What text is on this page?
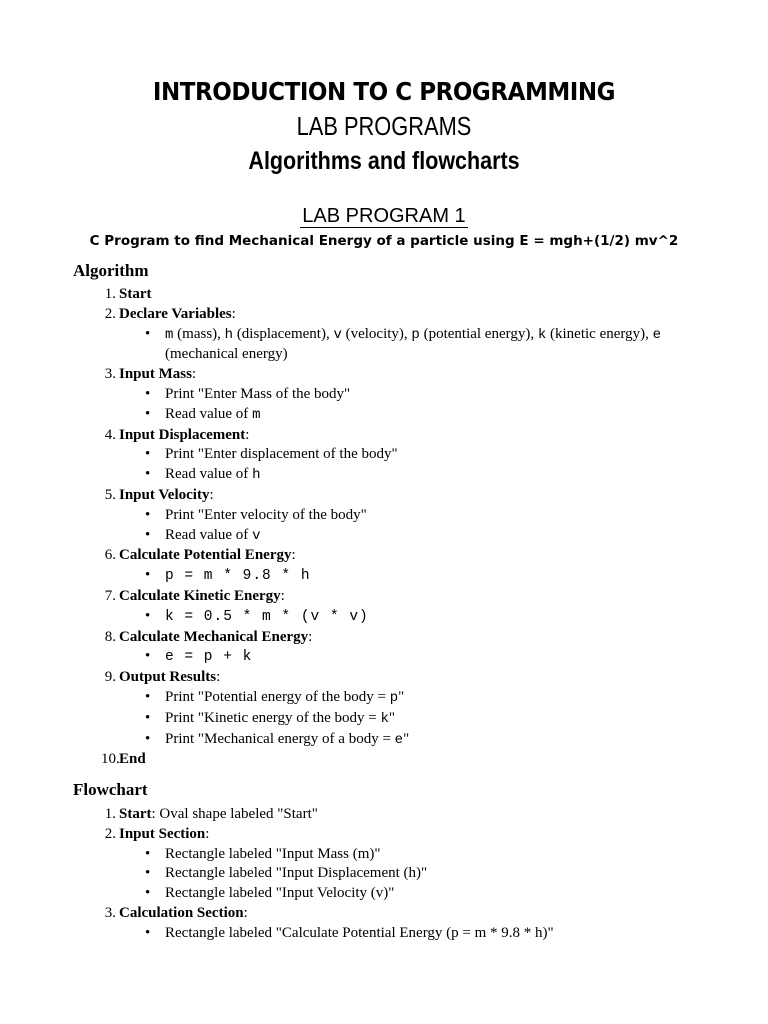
INTRODUCTION TO C PROGRAMMING
LAB PROGRAMS
Algorithms and flowcharts
LAB PROGRAM 1
C Program to find Mechanical Energy of a particle using E = mgh+(1/2) mv^2
Algorithm
1. Start
2. Declare Variables:
• m (mass), h (displacement), v (velocity), p (potential energy), k (kinetic energy), e (mechanical energy)
3. Input Mass:
• Print "Enter Mass of the body"
• Read value of m
4. Input Displacement:
• Print "Enter displacement of the body"
• Read value of h
5. Input Velocity:
• Print "Enter velocity of the body"
• Read value of v
6. Calculate Potential Energy:
• p = m * 9.8 * h
7. Calculate Kinetic Energy:
• k = 0.5 * m * (v * v)
8. Calculate Mechanical Energy:
• e = p + k
9. Output Results:
• Print "Potential energy of the body = p"
• Print "Kinetic energy of the body = k"
• Print "Mechanical energy of a body = e"
10. End
Flowchart
1. Start: Oval shape labeled "Start"
2. Input Section:
• Rectangle labeled "Input Mass (m)"
• Rectangle labeled "Input Displacement (h)"
• Rectangle labeled "Input Velocity (v)"
3. Calculation Section:
• Rectangle labeled "Calculate Potential Energy (p = m * 9.8 * h)"
